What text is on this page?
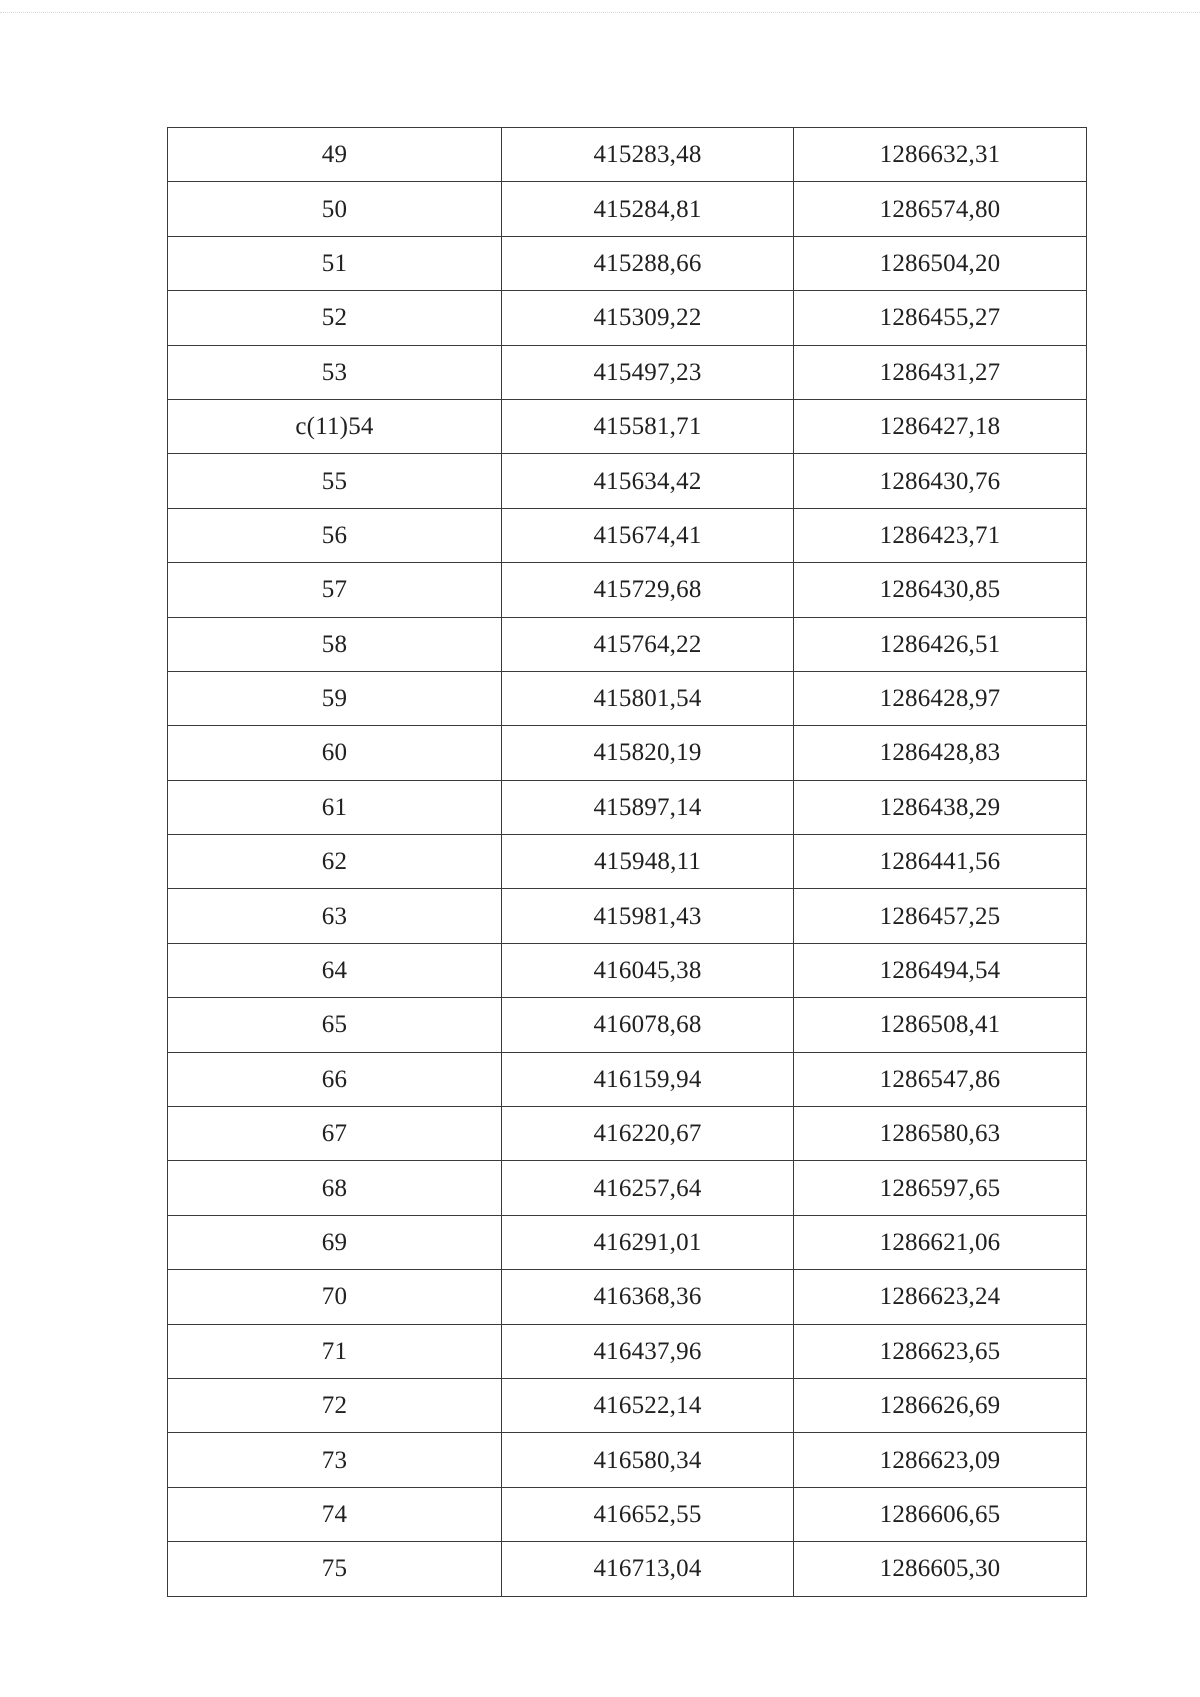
49	415283,48	1286632,31
50	415284,81	1286574,80
51	415288,66	1286504,20
52	415309,22	1286455,27
53	415497,23	1286431,27
c(11)54	415581,71	1286427,18
55	415634,42	1286430,76
56	415674,41	1286423,71
57	415729,68	1286430,85
58	415764,22	1286426,51
59	415801,54	1286428,97
60	415820,19	1286428,83
61	415897,14	1286438,29
62	415948,11	1286441,56
63	415981,43	1286457,25
64	416045,38	1286494,54
65	416078,68	1286508,41
66	416159,94	1286547,86
67	416220,67	1286580,63
68	416257,64	1286597,65
69	416291,01	1286621,06
70	416368,36	1286623,24
71	416437,96	1286623,65
72	416522,14	1286626,69
73	416580,34	1286623,09
74	416652,55	1286606,65
75	416713,04	1286605,30
